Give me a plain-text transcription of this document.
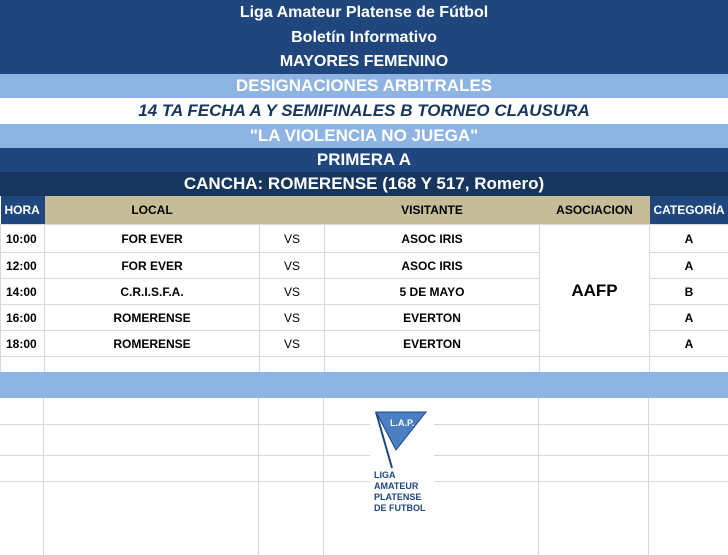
Liga Amateur Platense de Fútbol
Boletín Informativo
MAYORES FEMENINO
DESIGNACIONES ARBITRALES
14 TA FECHA A Y SEMIFINALES B TORNEO CLAUSURA
"LA VIOLENCIA NO JUEGA"
PRIMERA A
CANCHA: ROMERENSE (168 Y 517, Romero)
HORA	LOCAL		VISITANTE	ASOCIACION	CATEGORÍA
10:00	FOR EVER	VS	ASOC IRIS	AAFP	A
12:00	FOR EVER	VS	ASOC IRIS		A
14:00	C.R.I.S.F.A.	VS	5 DE MAYO		B
16:00	ROMERENSE	VS	EVERTON		A
18:00	ROMERENSE	VS	EVERTON		A

L.A.P.
LIGA
AMATEUR
PLATENSE
DE FUTBOL
